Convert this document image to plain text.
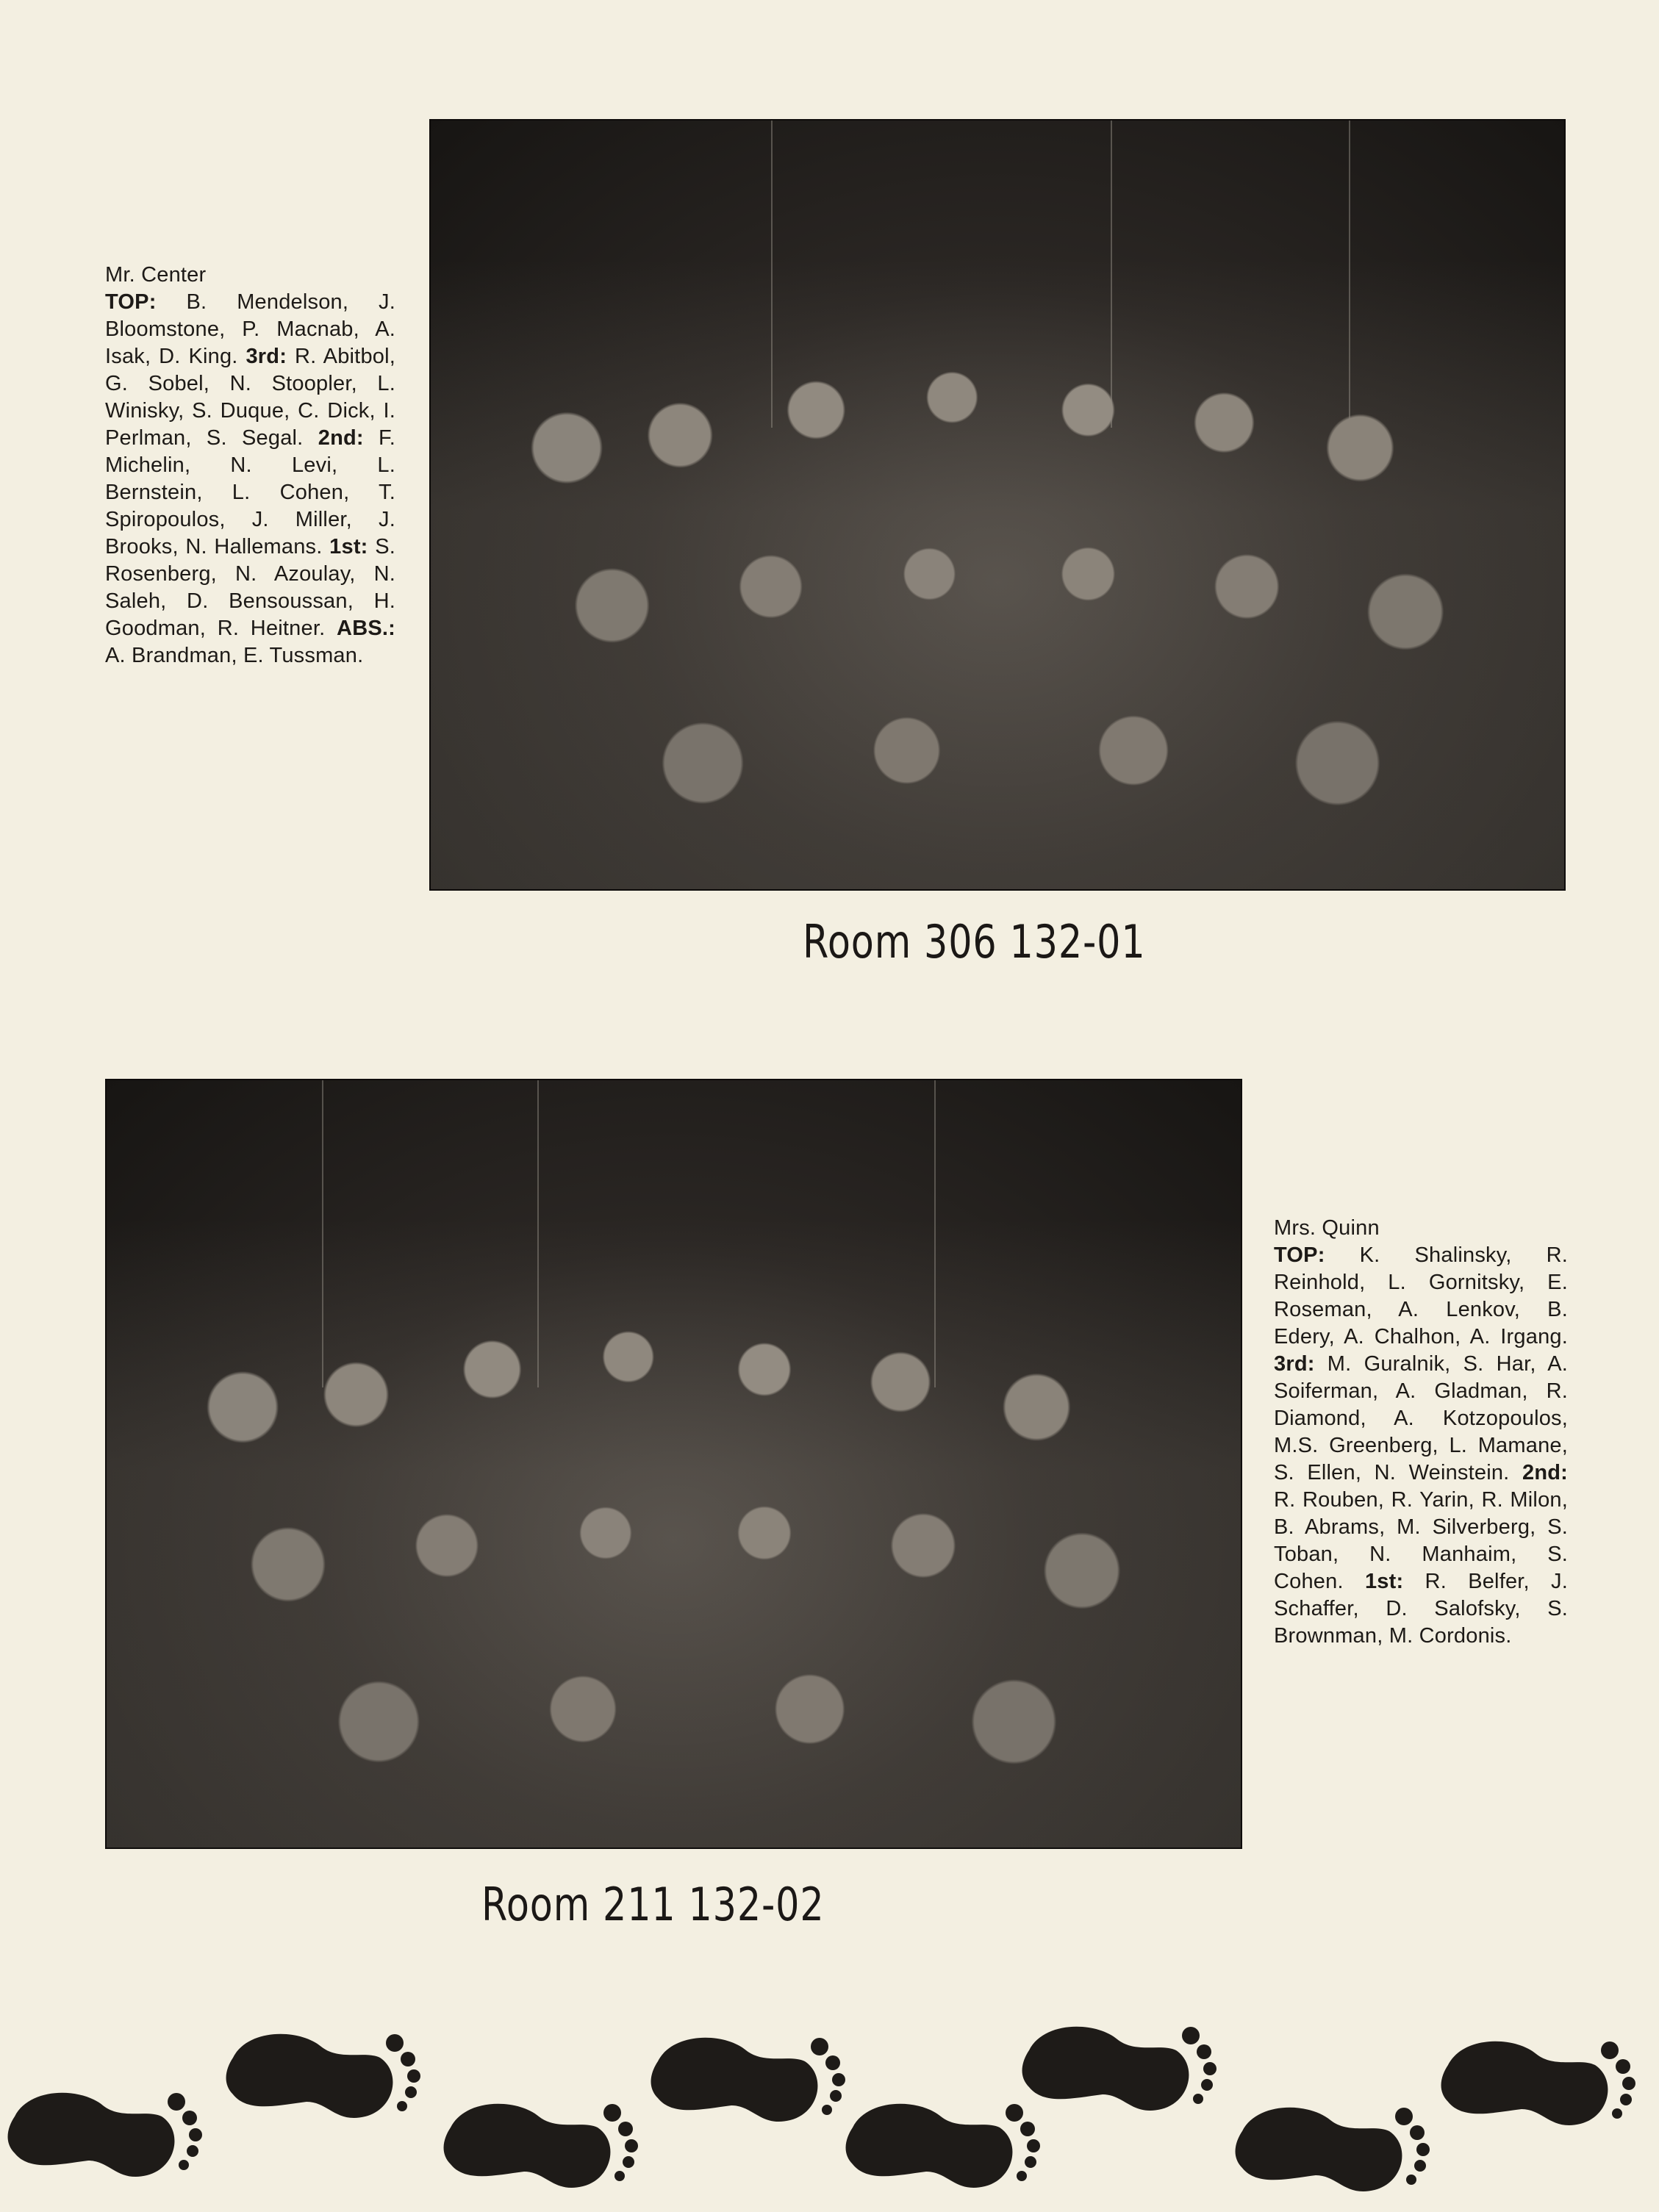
Mr. Center
TOP: B. Mendelson, J. Bloomstone, P. Macnab, A. Isak, D. King. 3rd: R. Abitbol, G. Sobel, N. Stoopler, L. Winisky, S. Duque, C. Dick, I. Perlman, S. Segal. 2nd: F. Michelin, N. Levi, L. Bernstein, L. Cohen, T. Spiropoulos, J. Miller, J. Brooks, N. Hallemans. 1st: S. Rosenberg, N. Azoulay, N. Saleh, D. Bensoussan, H. Goodman, R. Heitner. ABS.: A. Brandman, E. Tussman.
Room 306 132-01
Mrs. Quinn
TOP: K. Shalinsky, R. Reinhold, L. Gornitsky, E. Roseman, A. Lenkov, B. Edery, A. Chalhon, A. Irgang. 3rd: M. Guralnik, S. Har, A. Soiferman, A. Gladman, R. Diamond, A. Kotzopoulos, M.S. Greenberg, L. Mamane, S. Ellen, N. Weinstein. 2nd: R. Rouben, R. Yarin, R. Milon, B. Abrams, M. Silverberg, S. Toban, N. Manhaim, S. Cohen. 1st: R. Belfer, J. Schaffer, D. Salofsky, S. Brownman, M. Cordonis.
Room 211 132-02
